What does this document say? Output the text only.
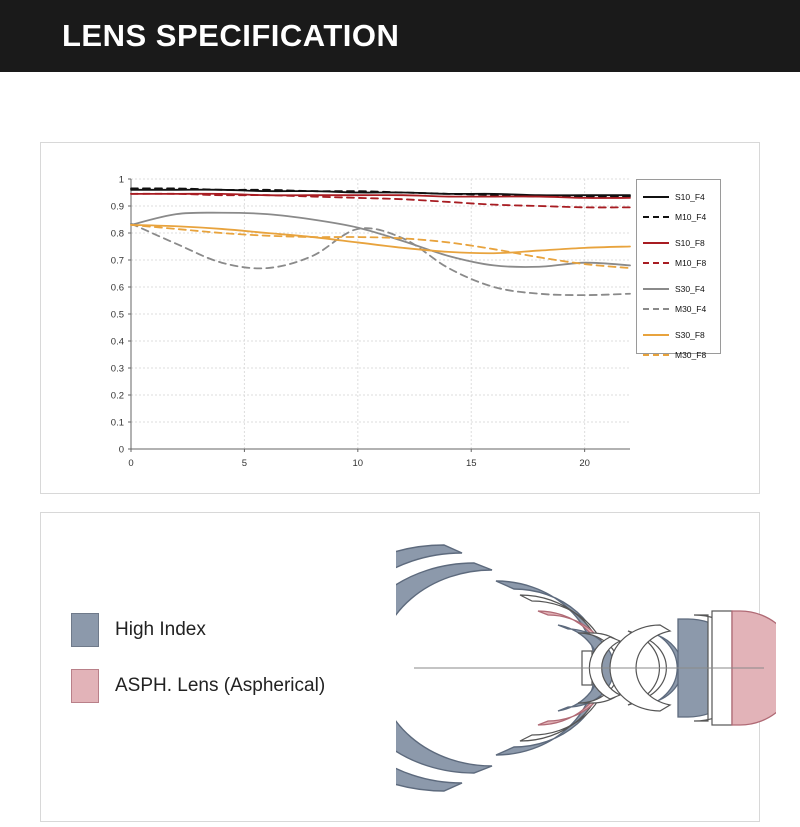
LENS SPECIFICATION
0
0.1
0.2
0.3
0.4
0.5
0.6
0.7
0.8
0.9
1
0	5	10	15	20
S10_F4
M10_F4
S10_F8
M10_F8
S30_F4
M30_F4
S30_F8
M30_F8
High Index
ASPH. Lens (Aspherical)
